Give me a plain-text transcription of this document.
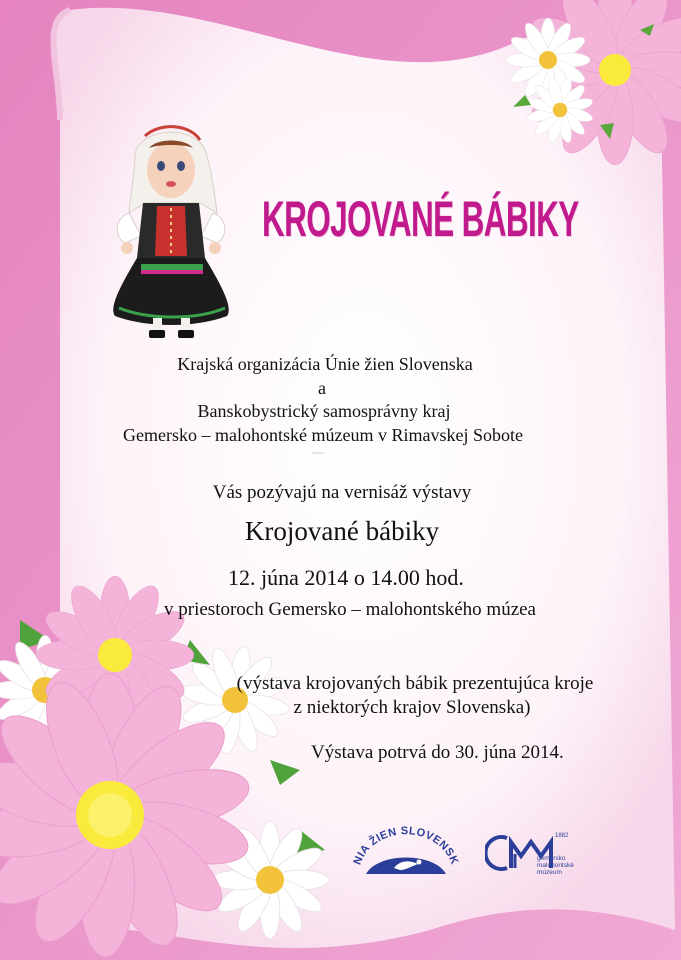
KROJOVANÉ BÁBIKY
Krajská organizácia Únie žien Slovenska
a
Banskobystrický samosprávny kraj
Gemersko – malohontské múzeum v Rimavskej Sobote
Vás pozývajú na vernisáž výstavy
Krojované bábiky
12. júna 2014 o 14.00 hod.
v priestoroch Gemersko – malohontského múzea
(výstava krojovaných bábik prezentujúca kroje
z niektorých krajov Slovenska)
Výstava potrvá do 30. júna 2014.
NIA ŽIEN SLOVENSK
1882
gemersko
malohontské
múzeum
